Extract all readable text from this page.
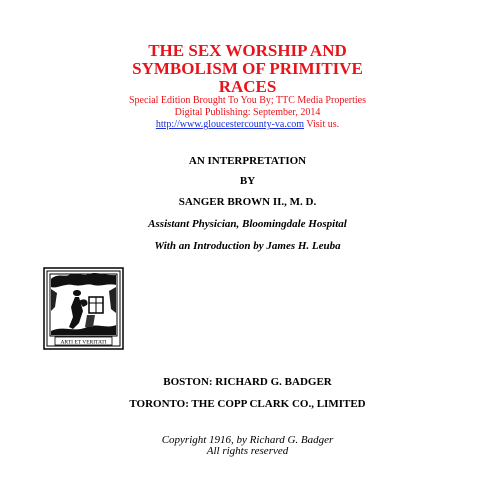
THE SEX WORSHIP AND
SYMBOLISM OF PRIMITIVE
RACES
Special Edition Brought To You By; TTC Media Properties
Digital Publishing: September, 2014
http://www.gloucestercounty-va.com Visit us.
AN INTERPRETATION
BY
SANGER BROWN II., M. D.
Assistant Physician, Bloomingdale Hospital
With an Introduction by James H. Leuba
ARTI ET VERITATI
BOSTON: RICHARD G. BADGER
TORONTO: THE COPP CLARK CO., LIMITED
Copyright 1916, by Richard G. Badger
All rights reserved
